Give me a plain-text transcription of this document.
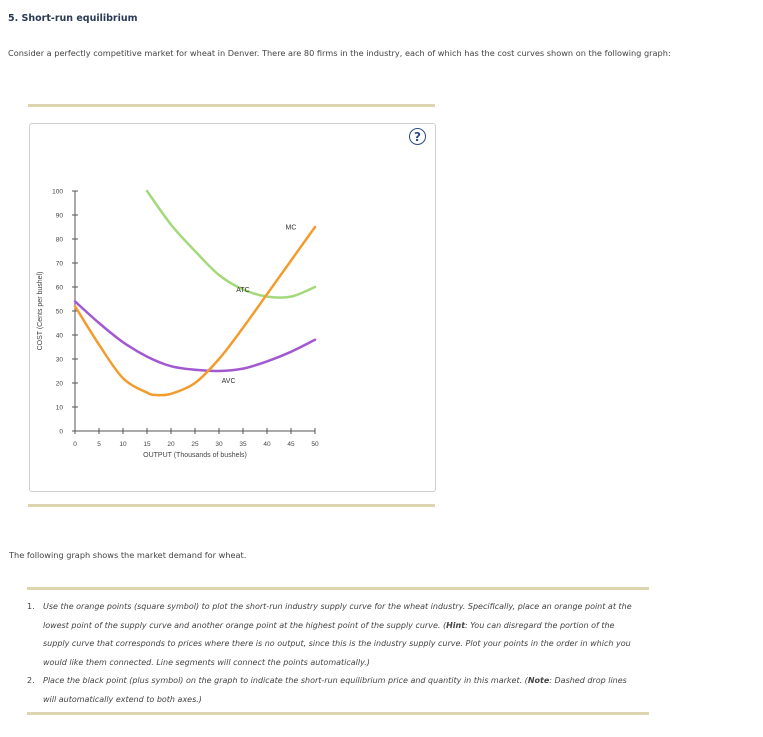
5. Short-run equilibrium
Consider a perfectly competitive market for wheat in Denver. There are 80 firms in the industry, each of which has the cost curves shown on the following graph:
?
0
10
20
30
40
50
60
70
80
90
100
0	5	10	15	20	25	30	35	40	45	50
OUTPUT (Thousands of bushels)
COST (Cents per bushel)
MC
ATC
AVC
The following graph shows the market demand for wheat.
1. Use the orange points (square symbol) to plot the short-run industry supply curve for the wheat industry. Specifically, place an orange point at the lowest point of the supply curve and another orange point at the highest point of the supply curve. (Hint: You can disregard the portion of the supply curve that corresponds to prices where there is no output, since this is the industry supply curve. Plot your points in the order in which you would like them connected. Line segments will connect the points automatically.)
2. Place the black point (plus symbol) on the graph to indicate the short-run equilibrium price and quantity in this market. (Note: Dashed drop lines will automatically extend to both axes.)
